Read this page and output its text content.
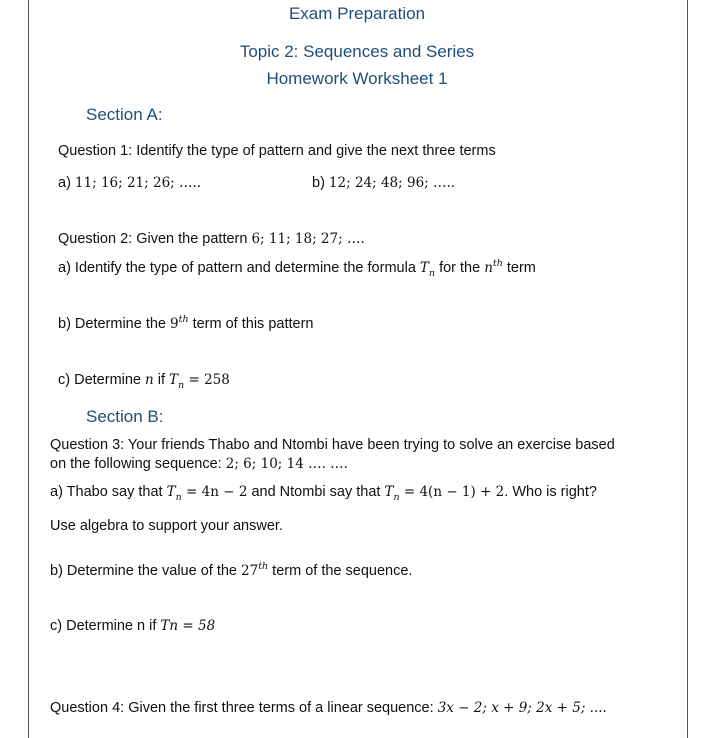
Exam Preparation
Topic 2: Sequences and Series
Homework Worksheet 1
Section A:
Question 1: Identify the type of pattern and give the next three terms
a) 11; 16; 21; 26; …..	b) 12; 24; 48; 96; …..
Question 2: Given the pattern 6; 11; 18; 27; ….
a) Identify the type of pattern and determine the formula $T_n$ for the $n^{th}$ term
b) Determine the 9th term of this pattern
c) Determine n if $T_n = 258$
Section B:
Question 3: Your friends Thabo and Ntombi have been trying to solve an exercise based
on the following sequence: 2; 6; 10; 14 …. ….
a) Thabo say that $T_n = 4n - 2$ and Ntombi say that $T_n = 4(n - 1) + 2$. Who is right?
Use algebra to support your answer.
b) Determine the value of the 27th term of the sequence.
c) Determine n if Tn = 58
Question 4: Given the first three terms of a linear sequence: 3x − 2; x + 9; 2x + 5; ....
